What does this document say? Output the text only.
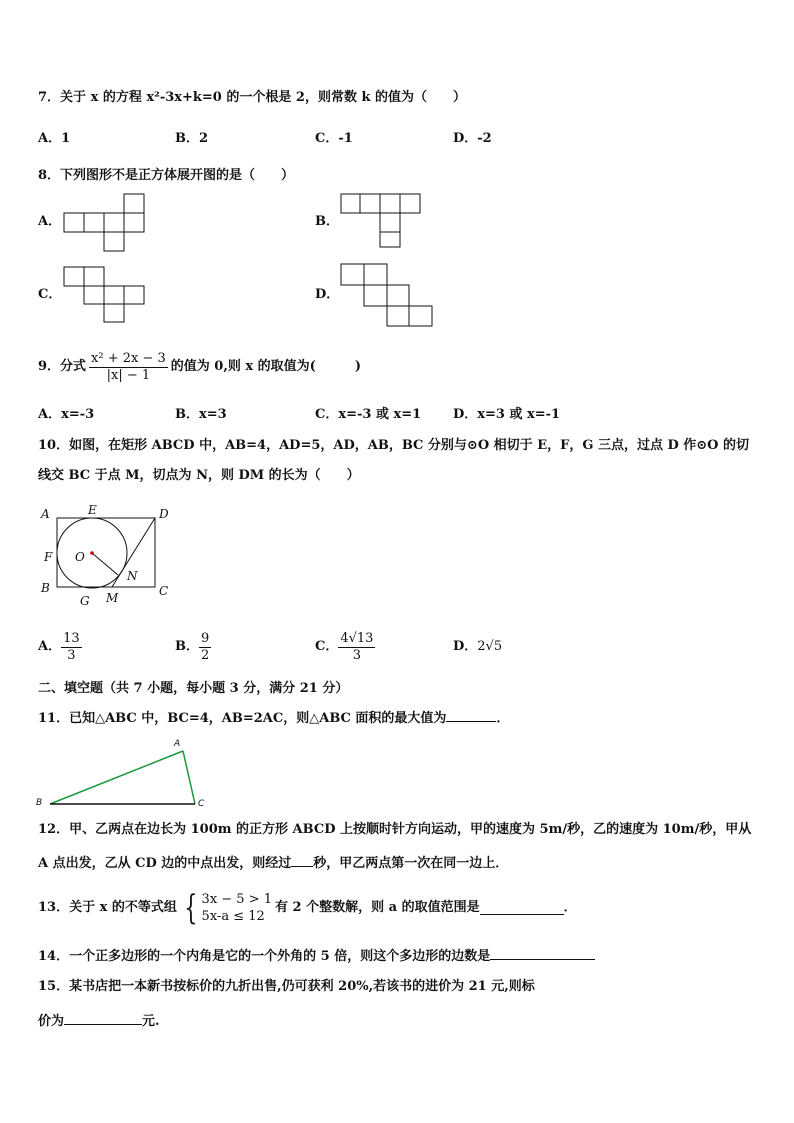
7．关于 x 的方程 x²-3x+k=0 的一个根是 2，则常数 k 的值为（　　）
A．1	B．2	C．-1	D．-2
8．下列图形不是正方体展开图的是（　　）
A．	B．
C．	D．
9．分式 $\frac{\text{x² + 2x − 3}}{|x| - 1}$ 的值为 0,则 x 的取值为(　　　)
A．x=-3	B．x=3	C．x=-3 或 x=1 D．x=3 或 x=-1
10．如图，在矩形 ABCD 中，AB=4，AD=5，AD，AB，BC 分别与⊙O 相切于 E，F，G 三点，过点 D 作⊙O 的切
线交 BC 于点 M，切点为 N，则 DM 的长为（　　）
A	E	D
F O
N
B
G M	C
A． $\frac{13}{3}$	B． $\frac{9}{2}$	C． $\frac{4√13}{3}$	D． 2√5
二、填空题（共 7 小题，每小题 3 分，满分 21 分）
11．已知△ABC 中，BC=4，AB=2AC，则△ABC 面积的最大值为	．
A
B	C
12．甲、乙两点在边长为 100m 的正方形 ABCD 上按顺时针方向运动，甲的速度为 5m/秒，乙的速度为 10m/秒，甲从
A 点出发，乙从 CD 边的中点出发，则经过 秒，甲乙两点第一次在同一边上．
13．关于 x 的不等式组 { 3x − 5 > 1
5x-a ≤ 12
有 2 个整数解，则 a 的取值范围是	．
14．一个正多边形的一个内角是它的一个外角的 5 倍，则这个多边形的边数是
15．某书店把一本新书按标价的九折出售,仍可获利 20%,若该书的进价为 21 元,则标
价为	元.
